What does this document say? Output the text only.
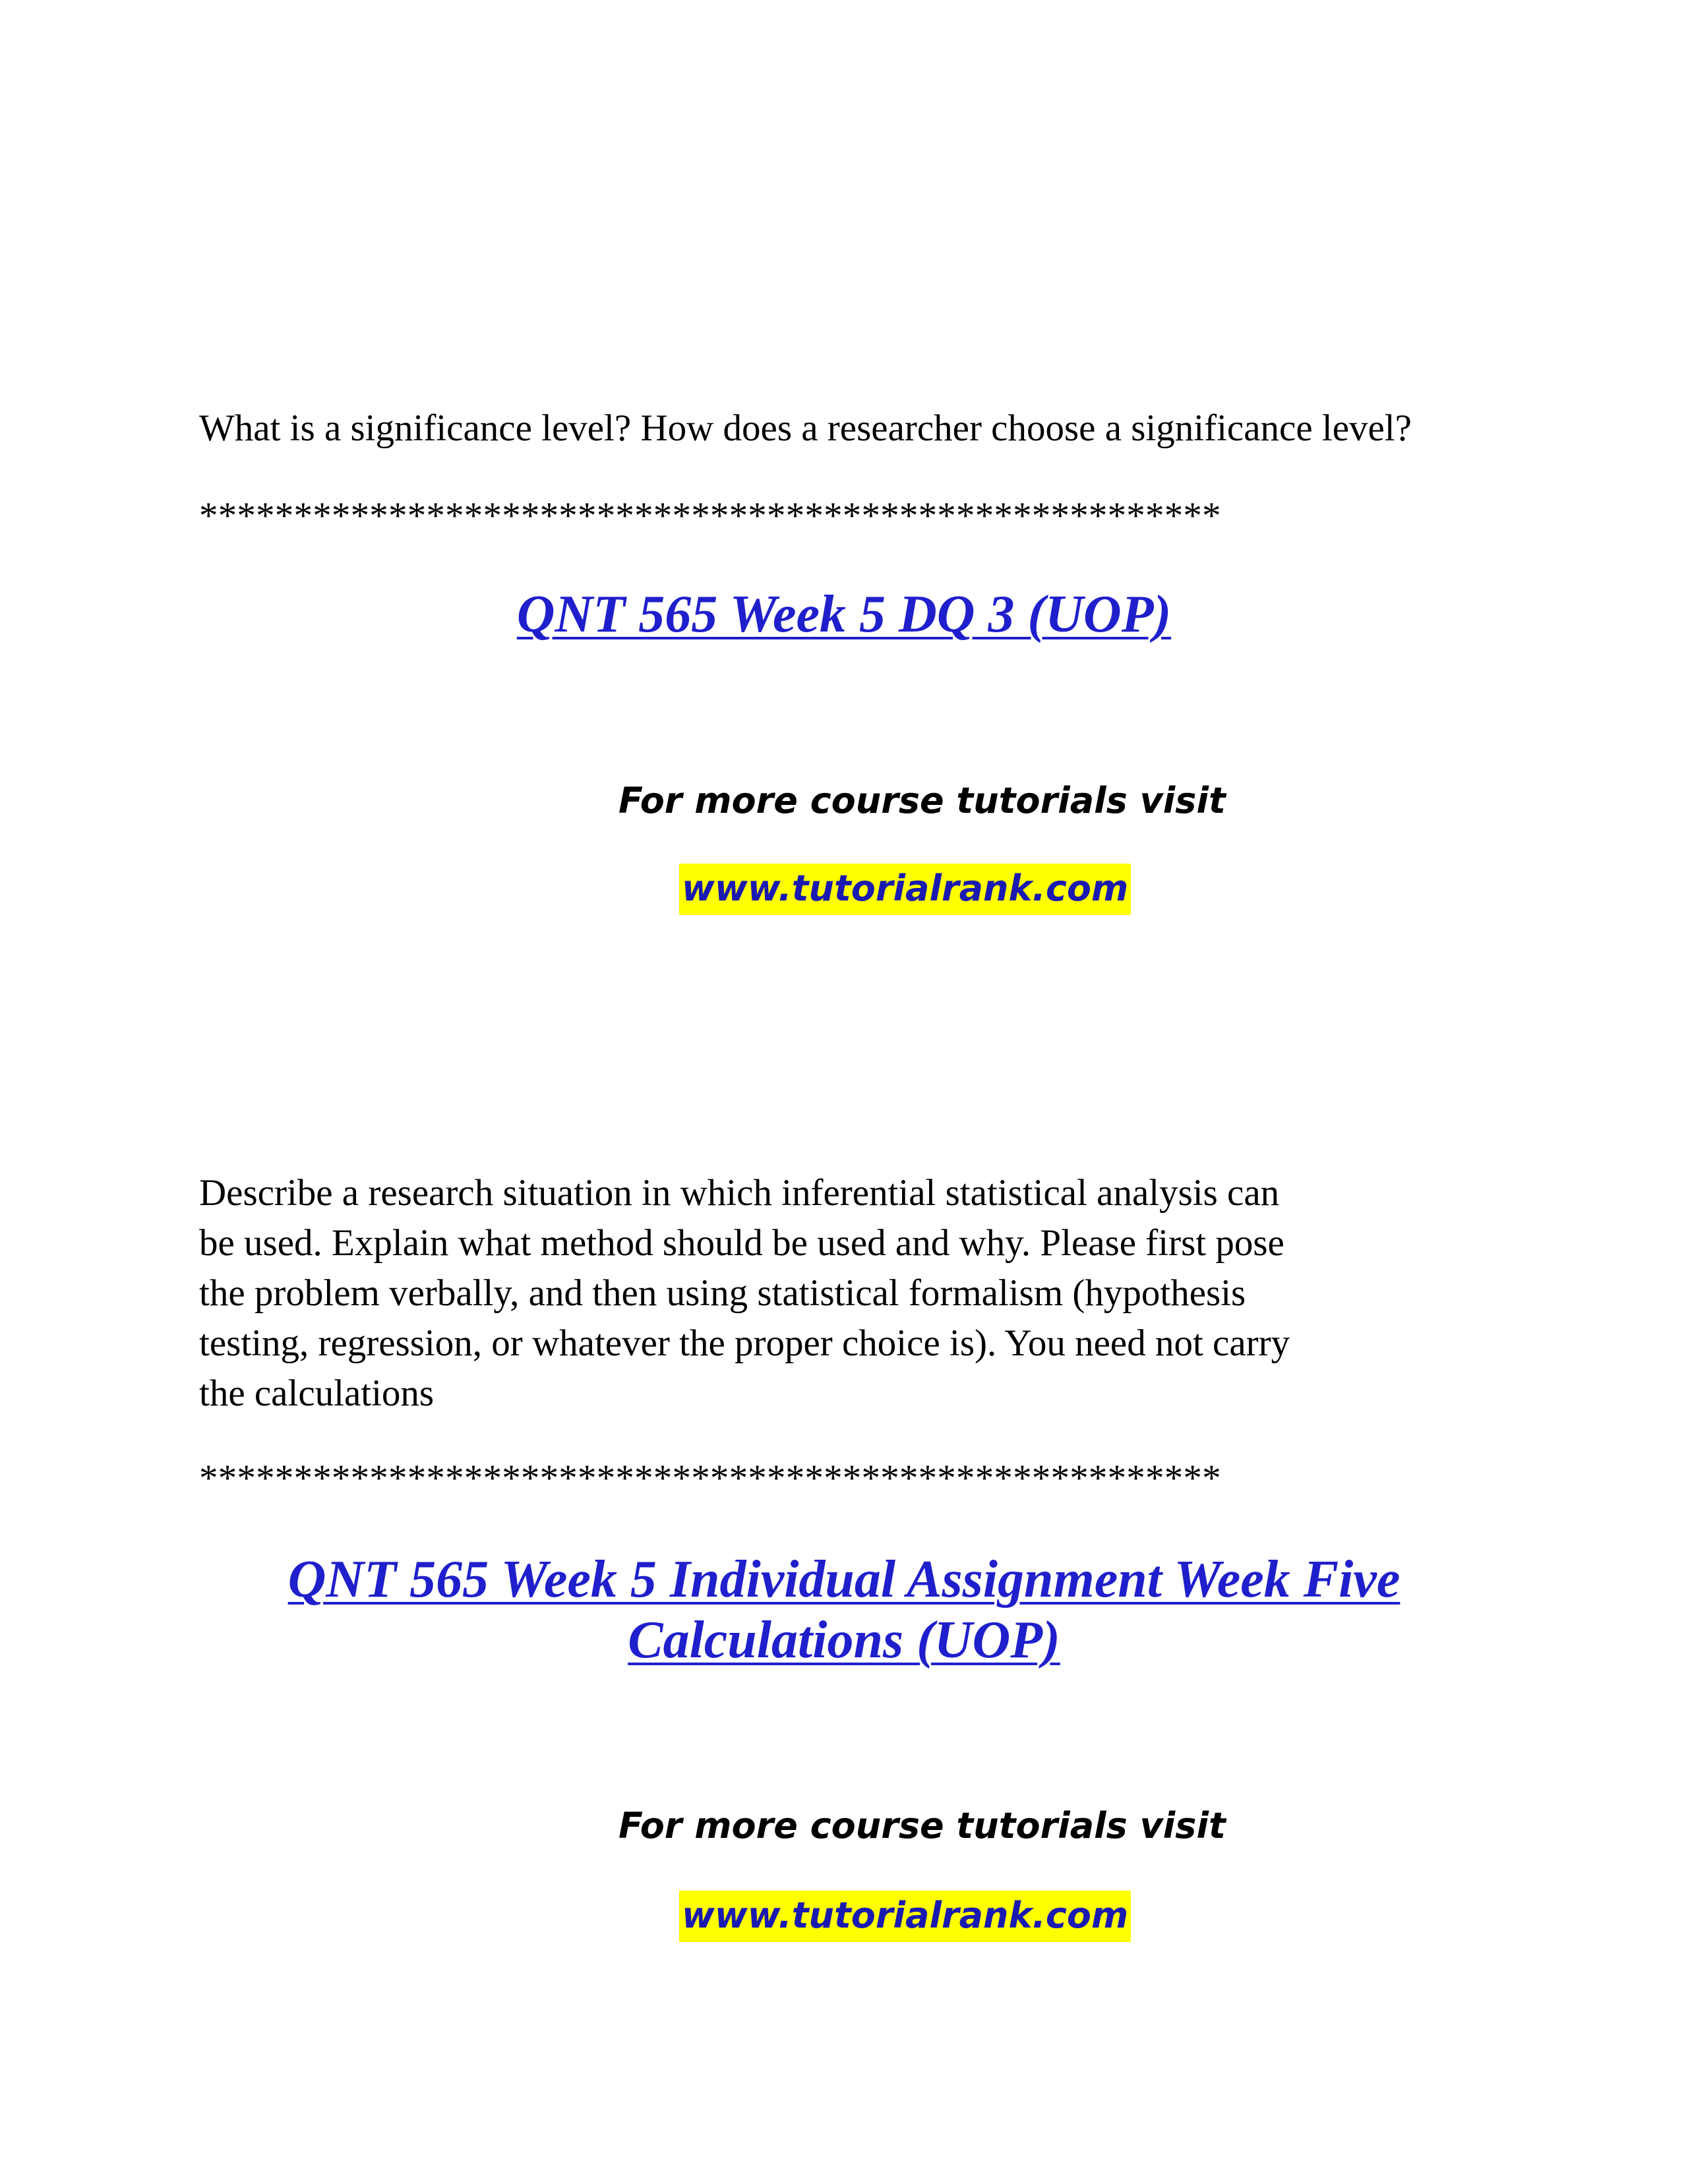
What is a significance level? How does a researcher choose a significance level?

******************************************************

QNT 565 Week 5 DQ 3 (UOP)

For more course tutorials visit

www.tutorialrank.com
Describe a research situation in which inferential statistical analysis can
be used. Explain what method should be used and why. Please first pose
the problem verbally, and then using statistical formalism (hypothesis
testing, regression, or whatever the proper choice is). You need not carry
the calculations

******************************************************

QNT 565 Week 5 Individual Assignment Week Five
Calculations (UOP)

For more course tutorials visit

www.tutorialrank.com
